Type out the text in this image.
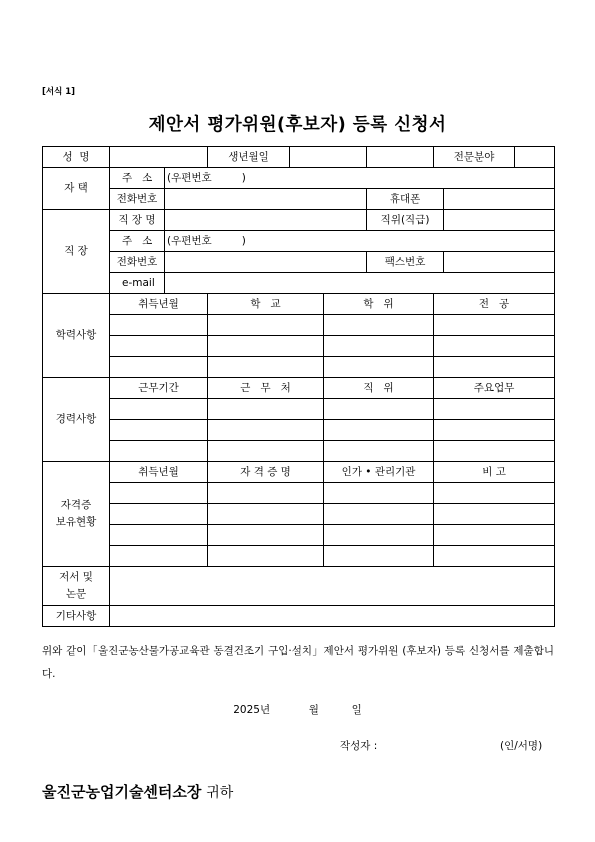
[서식 1]
제안서 평가위원(후보자) 등록 신청서
성  명			생년월일				전문분야		
자 택	주   소	(우편번호         )							
	전화번호					휴대폰			
직 장	직 장 명					직위(직급)			
	주   소	(우편번호         )							
	전화번호					팩스번호			
	e-mail								
학력사항	취득년월		학   교		학   위		전   공		

경력사항	근무기간		근   무   처		직   위		주요업무		

자격증
보유현황	취득년월		자 격 증 명		인가 • 관리기관		비 고		

저서 및
논문									
기타사항									
위와 같이「울진군농산물가공교육관 동결건조기 구입·설치」제안서 평가위원 (후보자) 등록 신청서를 제출합니다.
2025년	월	일
작성자 :	(인/서명)
울진군농업기술센터소장 귀하
